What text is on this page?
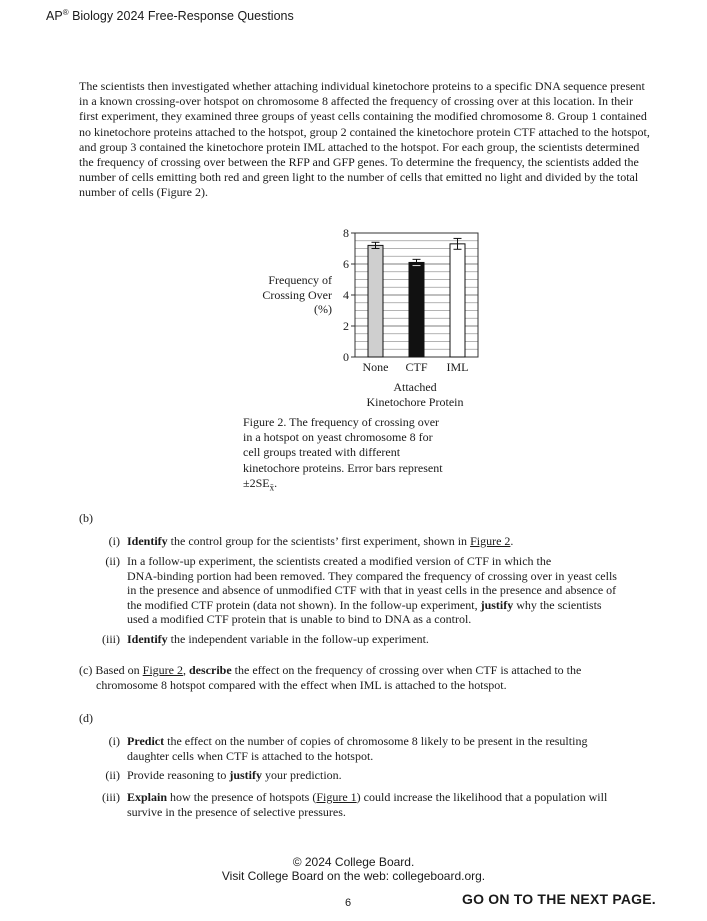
AP® Biology 2024 Free-Response Questions
The scientists then investigated whether attaching individual kinetochore proteins to a specific DNA sequence present in a known crossing-over hotspot on chromosome 8 affected the frequency of crossing over at this location. In their first experiment, they examined three groups of yeast cells containing the modified chromosome 8. Group 1 contained no kinetochore proteins attached to the hotspot, group 2 contained the kinetochore protein CTF attached to the hotspot, and group 3 contained the kinetochore protein IML attached to the hotspot. For each group, the scientists determined the frequency of crossing over between the RFP and GFP genes. To determine the frequency, the scientists added the number of cells emitting both red and green light to the number of cells that emitted no light and divided by the total number of cells (Figure 2).
0
2
4
6
8
None CTF IML
Frequency of
Crossing Over
(%)
Attached
Kinetochore Protein
Figure 2. The frequency of crossing over
in a hotspot on yeast chromosome 8 for
cell groups treated with different
kinetochore proteins. Error bars represent
$\pm 2SE_{x̄}$.
(b)
(i) Identify the control group for the scientists’ first experiment, shown in Figure 2.
(ii) In a follow-up experiment, the scientists created a modified version of CTF in which the
DNA-binding portion had been removed. They compared the frequency of crossing over in yeast cells
in the presence and absence of unmodified CTF with that in yeast cells in the presence and absence of
the modified CTF protein (data not shown). In the follow-up experiment, justify why the scientists
used a modified CTF protein that is unable to bind to DNA as a control.
(iii) Identify the independent variable in the follow-up experiment.
(c) Based on Figure 2, describe the effect on the frequency of crossing over when CTF is attached to the
chromosome 8 hotspot compared with the effect when IML is attached to the hotspot.
(d)
(i) Predict the effect on the number of copies of chromosome 8 likely to be present in the resulting
daughter cells when CTF is attached to the hotspot.
(ii) Provide reasoning to justify your prediction.
(iii) Explain how the presence of hotspots (Figure 1) could increase the likelihood that a population will
survive in the presence of selective pressures.
© 2024 College Board.
Visit College Board on the web: collegeboard.org.
6	GO ON TO THE NEXT PAGE.
